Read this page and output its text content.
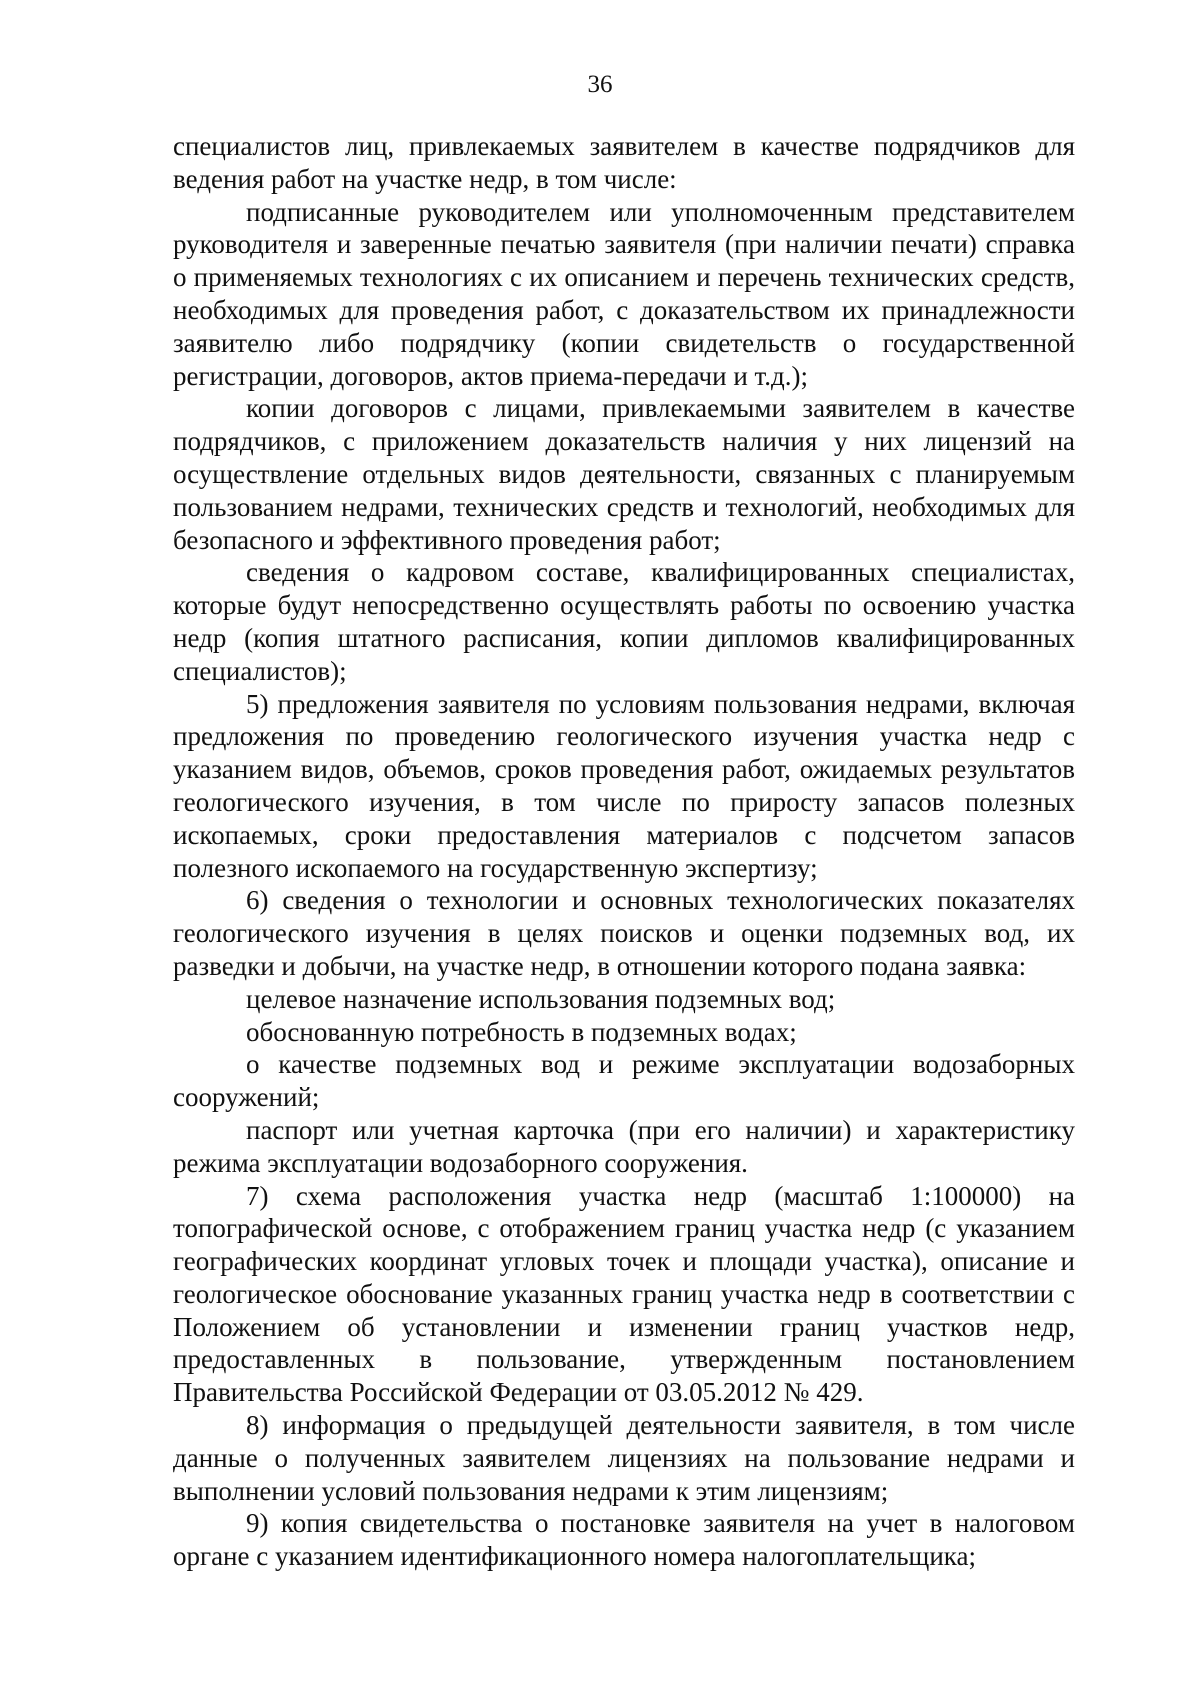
36

специалистов лиц, привлекаемых заявителем в качестве подрядчиков для ведения работ на участке недр, в том числе:

подписанные руководителем или уполномоченным представителем руководителя и заверенные печатью заявителя (при наличии печати) справка о применяемых технологиях с их описанием и перечень технических средств, необходимых для проведения работ, с доказательством их принадлежности заявителю либо подрядчику (копии свидетельств о государственной регистрации, договоров, актов приема-передачи и т.д.);

копии договоров с лицами, привлекаемыми заявителем в качестве подрядчиков, с приложением доказательств наличия у них лицензий на осуществление отдельных видов деятельности, связанных с планируемым пользованием недрами, технических средств и технологий, необходимых для безопасного и эффективного проведения работ;

сведения о кадровом составе, квалифицированных специалистах, которые будут непосредственно осуществлять работы по освоению участка недр (копия штатного расписания, копии дипломов квалифицированных специалистов);

5) предложения заявителя по условиям пользования недрами, включая предложения по проведению геологического изучения участка недр с указанием видов, объемов, сроков проведения работ, ожидаемых результатов геологического изучения, в том числе по приросту запасов полезных ископаемых, сроки предоставления материалов с подсчетом запасов полезного ископаемого на государственную экспертизу;

6) сведения о технологии и основных технологических показателях геологического изучения в целях поисков и оценки подземных вод, их разведки и добычи, на участке недр, в отношении которого подана заявка:

целевое назначение использования подземных вод;

обоснованную потребность в подземных водах;

о качестве подземных вод и режиме эксплуатации водозаборных сооружений;

паспорт или учетная карточка (при его наличии) и характеристику режима эксплуатации водозаборного сооружения.

7) схема расположения участка недр (масштаб 1:100000) на топографической основе, с отображением границ участка недр (с указанием географических координат угловых точек и площади участка), описание и геологическое обоснование указанных границ участка недр в соответствии с Положением об установлении и изменении границ участков недр, предоставленных в пользование, утвержденным постановлением Правительства Российской Федерации от 03.05.2012 № 429.

8) информация о предыдущей деятельности заявителя, в том числе данные о полученных заявителем лицензиях на пользование недрами и выполнении условий пользования недрами к этим лицензиям;

9) копия свидетельства о постановке заявителя на учет в налоговом органе с указанием идентификационного номера налогоплательщика;
